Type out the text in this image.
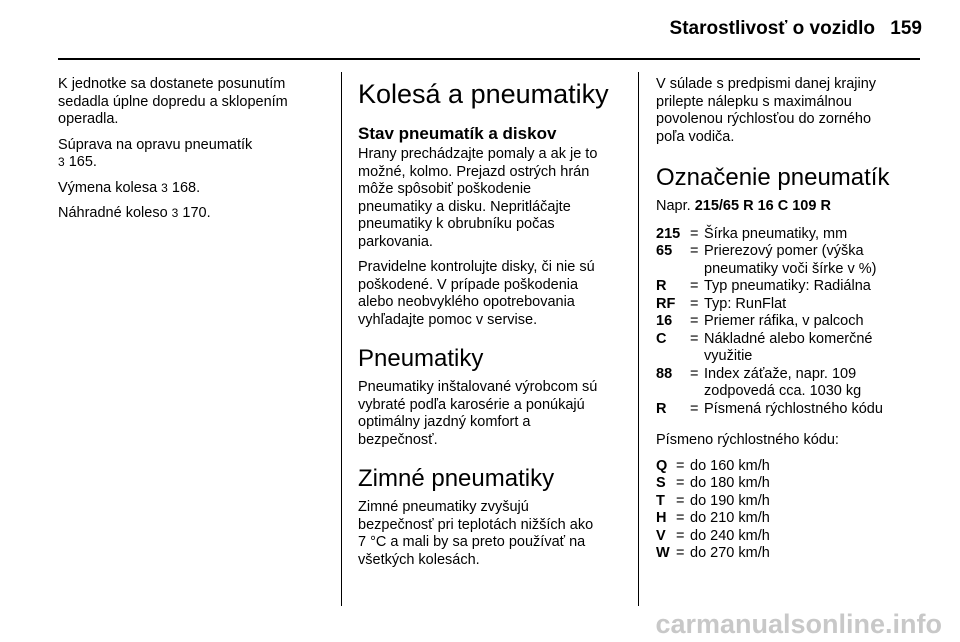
Starostlivosť o vozidlo 159

K jednotke sa dostanete posunutím
sedadla úplne dopredu a sklopením
operadla.

Súprava na opravu pneumatík
3 165.

Výmena kolesa 3 168.

Náhradné koleso 3 170.

Kolesá a pneumatiky
Stav pneumatík a diskov

Hrany prechádzajte pomaly a ak je to
možné, kolmo. Prejazd ostrých hrán
môže spôsobiť poškodenie
pneumatiky a disku. Nepritláčajte
pneumatiky k obrubníku počas
parkovania.

Pravidelne kontrolujte disky, či nie sú
poškodené. V prípade poškodenia
alebo neobvyklého opotrebovania
vyhľadajte pomoc v servise.

Pneumatiky

Pneumatiky inštalované výrobcom sú
vybraté podľa karosérie a ponúkajú
optimálny jazdný komfort a
bezpečnosť.

Zimné pneumatiky

Zimné pneumatiky zvyšujú
bezpečnosť pri teplotách nižších ako
7 °C a mali by sa preto používať na
všetkých kolesách.

V súlade s predpismi danej krajiny
prilepte nálepku s maximálnou
povolenou rýchlosťou do zorného
poľa vodiča.

Označenie pneumatík
Napr. 215/65 R 16 C 109 R
215 = Šírka pneumatiky, mm
65	= Prierezový pomer (výška
pneumatiky voči šírke v %)
R	= Typ pneumatiky: Radiálna
RF	= Typ: RunFlat
16	= Priemer ráfika, v palcoch
C	= Nákladné alebo komerčné
využitie
88	= Index záťaže, napr. 109
zodpovedá cca. 1030 kg
R	= Písmená rýchlostného kódu

Písmeno rýchlostného kódu:

Q = do 160 km/h
S = do 180 km/h
T = do 190 km/h
H = do 210 km/h
V = do 240 km/h
W = do 270 km/h
carmanualsonline.info
